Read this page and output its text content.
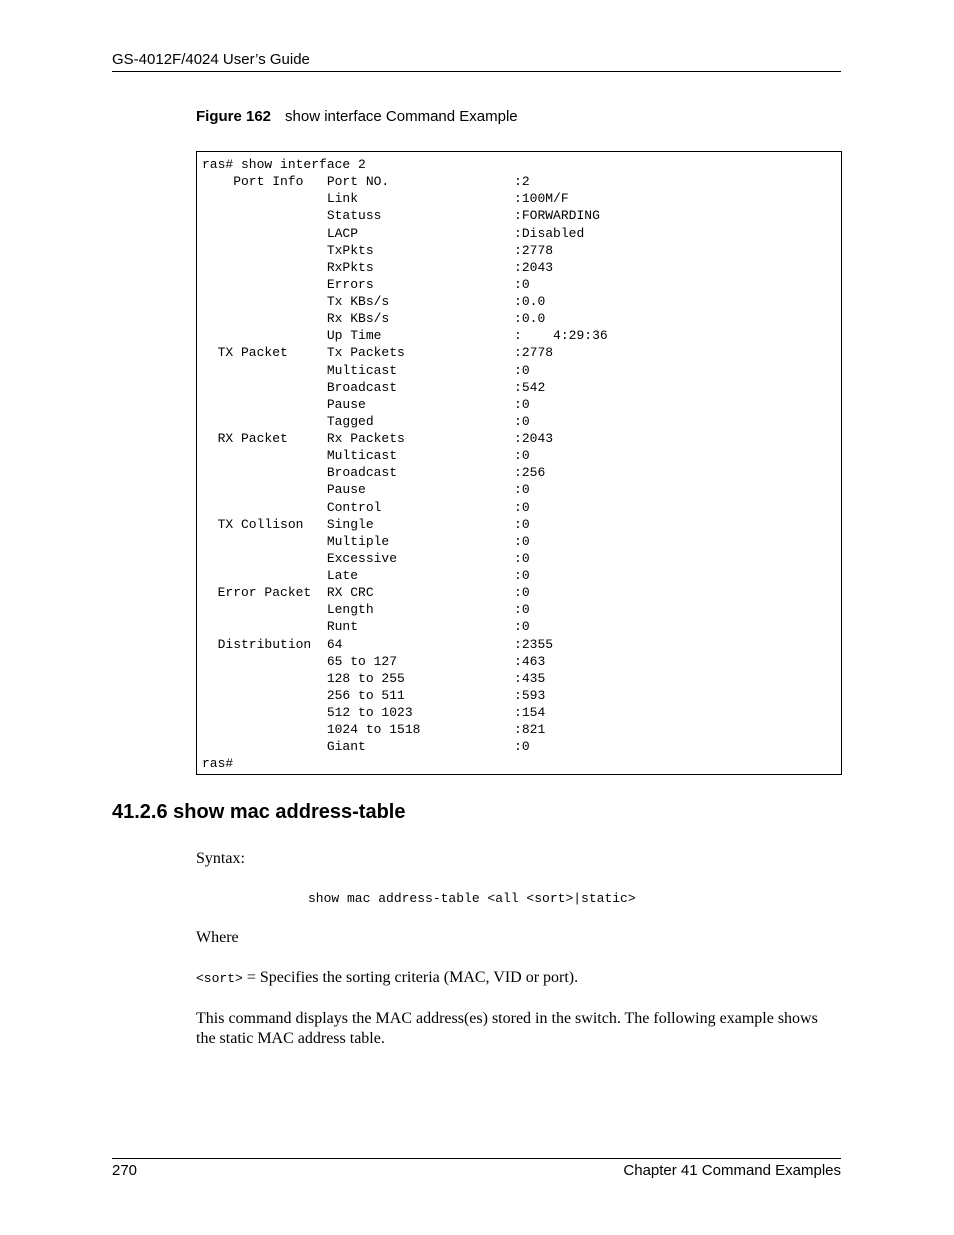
GS-4012F/4024 User’s Guide
Figure 162 show interface Command Example
ras# show interface 2
Port Info   Port NO.                :2
Link                    :100M/F
Statuss                 :FORWARDING
LACP                    :Disabled
TxPkts                  :2778
RxPkts                  :2043
Errors                  :0
Tx KBs/s                :0.0
Rx KBs/s                :0.0
Up Time                 :    4:29:36
TX Packet     Tx Packets              :2778
Multicast               :0
Broadcast               :542
Pause                   :0
Tagged                  :0
RX Packet     Rx Packets              :2043
Multicast               :0
Broadcast               :256
Pause                   :0
Control                 :0
TX Collison   Single                  :0
Multiple                :0
Excessive               :0
Late                    :0
Error Packet  RX CRC                  :0
Length                  :0
Runt                    :0
Distribution  64                      :2355
65 to 127               :463
128 to 255              :435
256 to 511              :593
512 to 1023             :154
1024 to 1518            :821
Giant                   :0
ras#
41.2.6 show mac address-table
Syntax:
show mac address-table <all <sort>|static>
Where
<sort> = Specifies the sorting criteria (MAC, VID or port).
This command displays the MAC address(es) stored in the switch. The following example shows the static MAC address table.
270	Chapter 41 Command Examples
